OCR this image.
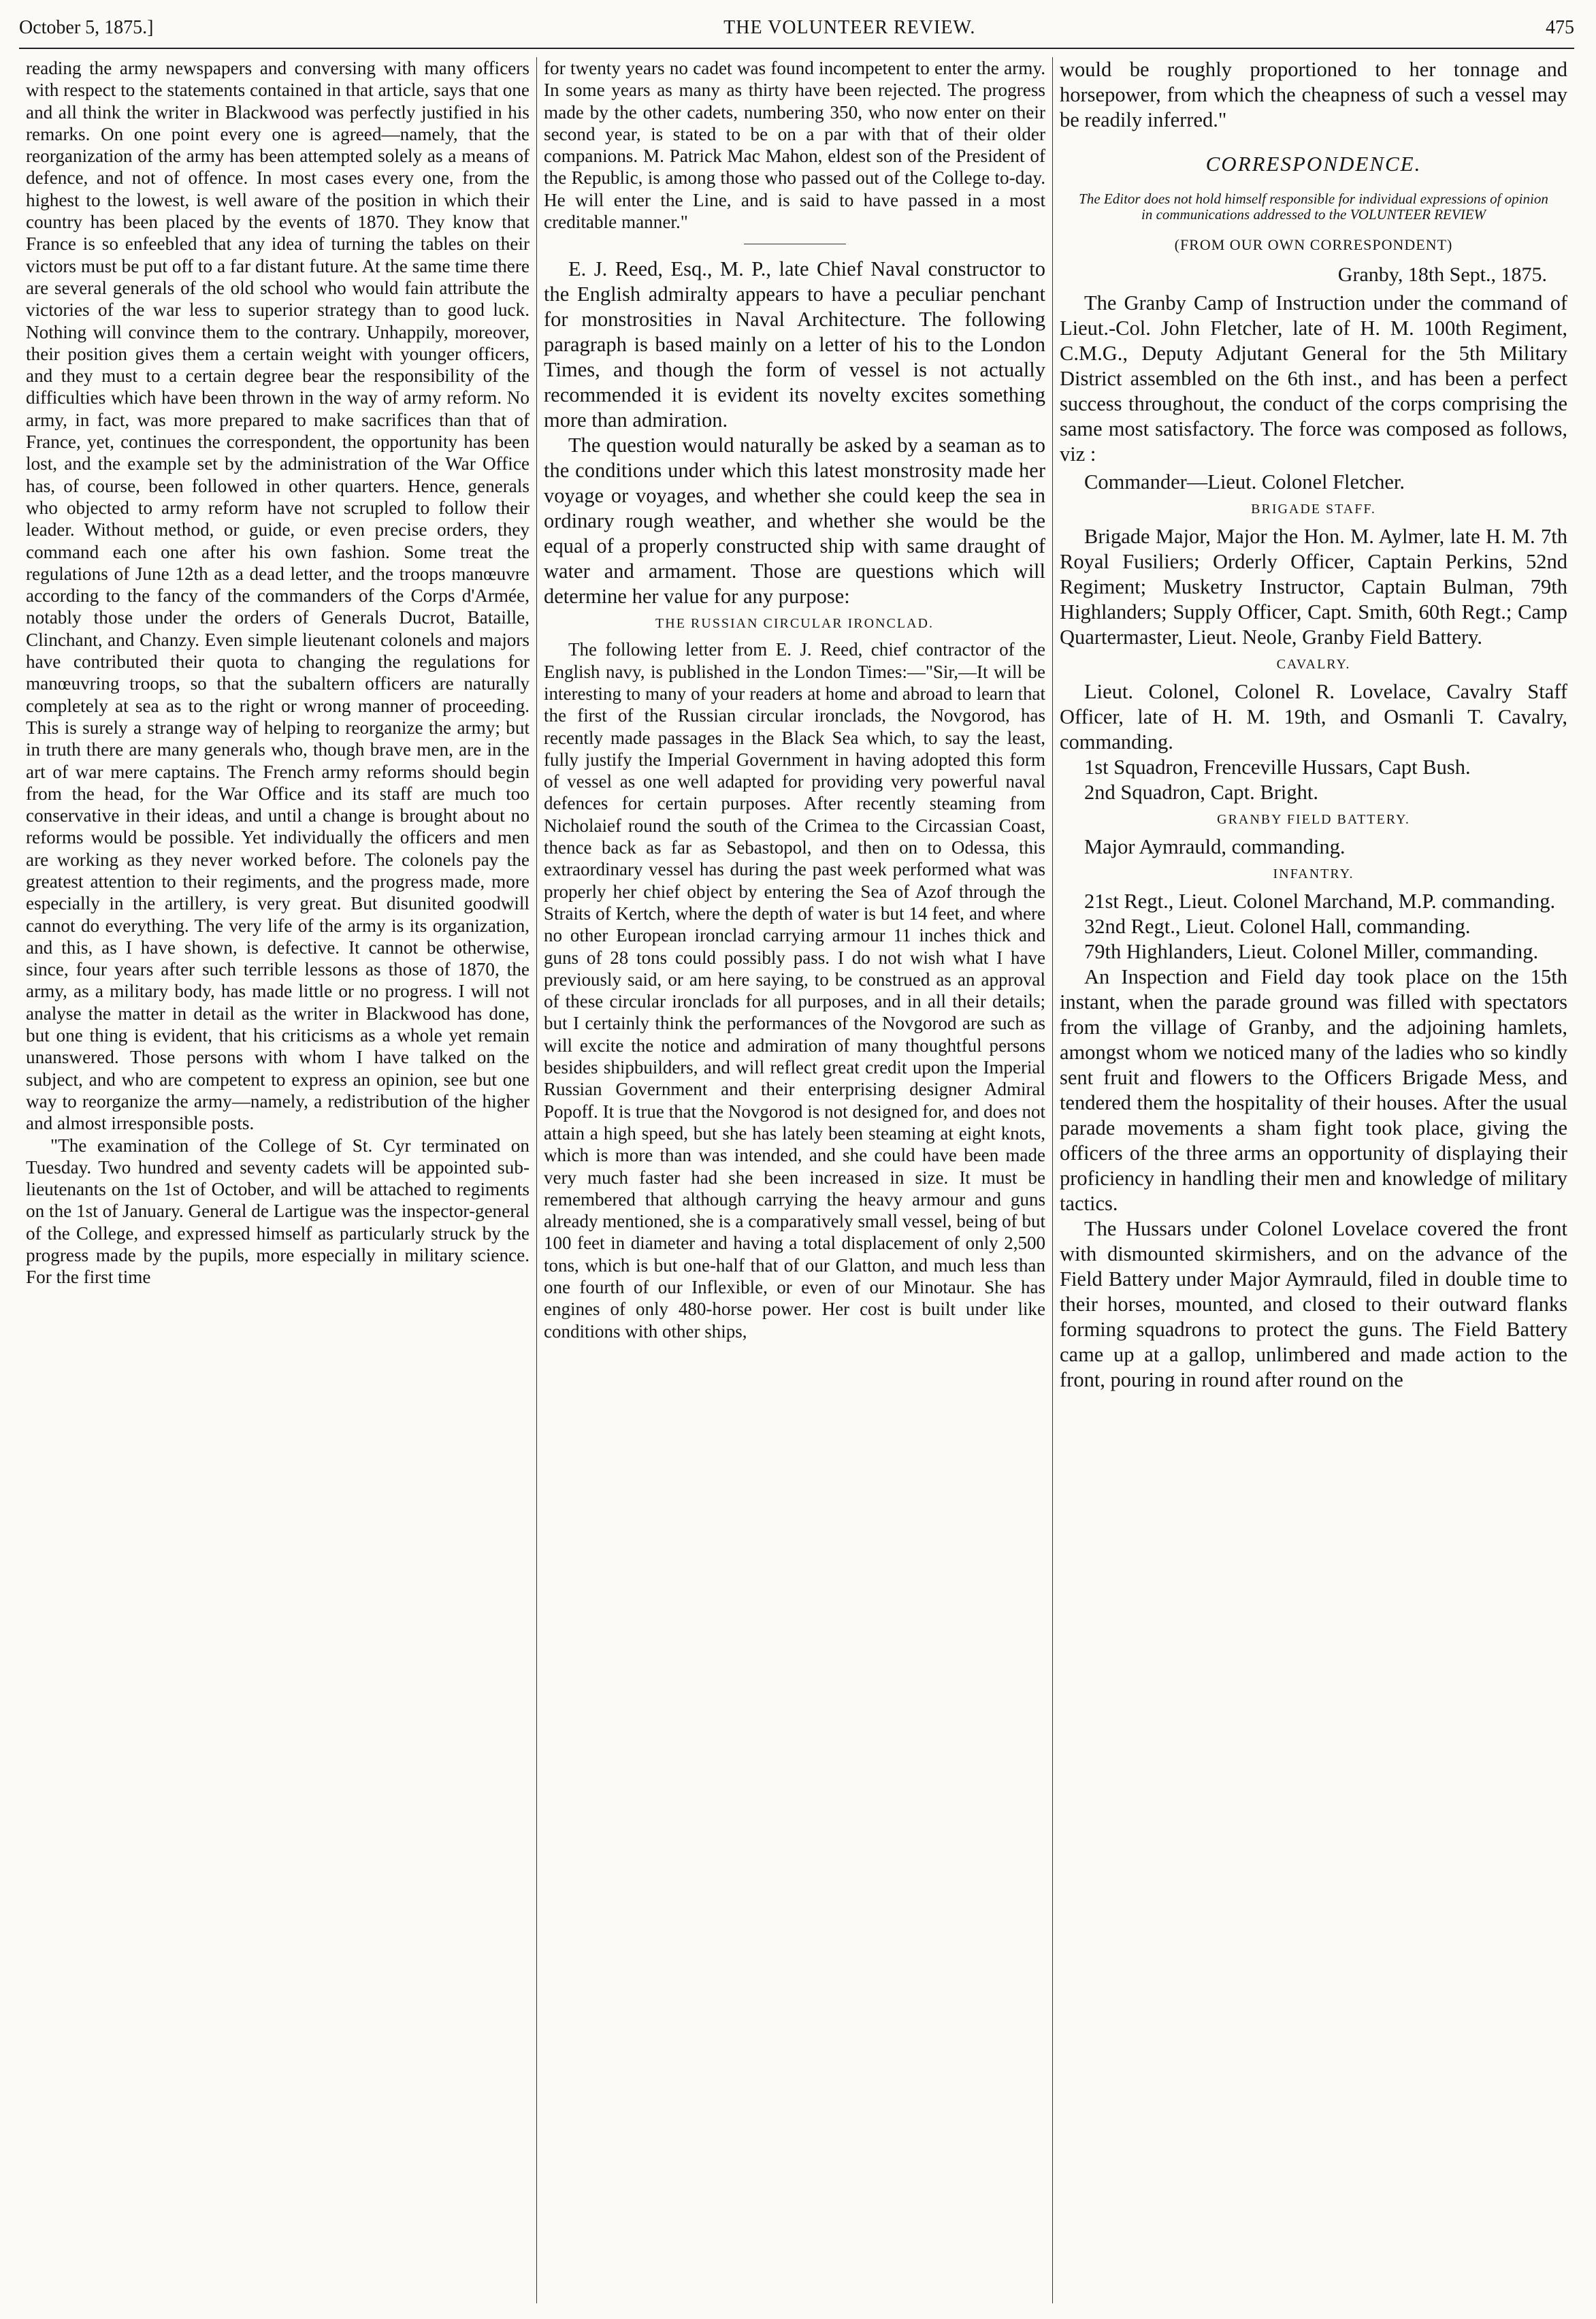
October 5, 1875.]	THE VOLUNTEER REVIEW.	475

reading the army newspapers and conversing with many officers with respect to the statements contained in that article, says that one and all think the writer in Blackwood was perfectly justified in his remarks. On one point every one is agreed—namely, that the reorganization of the army has been attempted solely as a means of defence, and not of offence. In most cases every one, from the highest to the lowest, is well aware of the position in which their country has been placed by the events of 1870. They know that France is so enfeebled that any idea of turning the tables on their victors must be put off to a far distant future. At the same time there are several generals of the old school who would fain attribute the victories of the war less to superior strategy than to good luck. Nothing will convince them to the contrary. Unhappily, moreover, their position gives them a certain weight with younger officers, and they must to a certain degree bear the responsibility of the difficulties which have been thrown in the way of army reform. No army, in fact, was more prepared to make sacrifices than that of France, yet, continues the correspondent, the opportunity has been lost, and the example set by the administration of the War Office has, of course, been followed in other quarters. Hence, generals who objected to army reform have not scrupled to follow their leader. Without method, or guide, or even precise orders, they command each one after his own fashion. Some treat the regulations of June 12th as a dead letter, and the troops manœuvre according to the fancy of the commanders of the Corps d'Armée, notably those under the orders of Generals Ducrot, Bataille, Clinchant, and Chanzy. Even simple lieutenant colonels and majors have contributed their quota to changing the regulations for manœuvring troops, so that the subaltern officers are naturally completely at sea as to the right or wrong manner of proceeding. This is surely a strange way of helping to reorganize the army; but in truth there are many generals who, though brave men, are in the art of war mere captains. The French army reforms should begin from the head, for the War Office and its staff are much too conservative in their ideas, and until a change is brought about no reforms would be possible. Yet individually the officers and men are working as they never worked before. The colonels pay the greatest attention to their regiments, and the progress made, more especially in the artillery, is very great. But disunited goodwill cannot do everything. The very life of the army is its organization, and this, as I have shown, is defective. It cannot be otherwise, since, four years after such terrible lessons as those of 1870, the army, as a military body, has made little or no progress. I will not analyse the matter in detail as the writer in Blackwood has done, but one thing is evident, that his criticisms as a whole yet remain unanswered. Those persons with whom I have talked on the subject, and who are competent to express an opinion, see but one way to reorganize the army—namely, a redistribution of the higher and almost irresponsible posts.

"The examination of the College of St. Cyr terminated on Tuesday. Two hundred and seventy cadets will be appointed sub-lieutenants on the 1st of October, and will be attached to regiments on the 1st of January. General de Lartigue was the inspector-general of the College, and expressed himself as particularly struck by the progress made by the pupils, more especially in military science. For the first time

for twenty years no cadet was found incompetent to enter the army. In some years as many as thirty have been rejected. The progress made by the other cadets, numbering 350, who now enter on their second year, is stated to be on a par with that of their older companions. M. Patrick Mac Mahon, eldest son of the President of the Republic, is among those who passed out of the College to-day. He will enter the Line, and is said to have passed in a most creditable manner."

E. J. Reed, Esq., M. P., late Chief Naval constructor to the English admiralty appears to have a peculiar penchant for monstrosities in Naval Architecture. The following paragraph is based mainly on a letter of his to the London Times, and though the form of vessel is not actually recommended it is evident its novelty excites something more than admiration.

The question would naturally be asked by a seaman as to the conditions under which this latest monstrosity made her voyage or voyages, and whether she could keep the sea in ordinary rough weather, and whether she would be the equal of a properly constructed ship with same draught of water and armament. Those are questions which will determine her value for any purpose:

THE RUSSIAN CIRCULAR IRONCLAD.

The following letter from E. J. Reed, chief contractor of the English navy, is published in the London Times:—"Sir,—It will be interesting to many of your readers at home and abroad to learn that the first of the Russian circular ironclads, the Novgorod, has recently made passages in the Black Sea which, to say the least, fully justify the Imperial Government in having adopted this form of vessel as one well adapted for providing very powerful naval defences for certain purposes. After recently steaming from Nicholaief round the south of the Crimea to the Circassian Coast, thence back as far as Sebastopol, and then on to Odessa, this extraordinary vessel has during the past week performed what was properly her chief object by entering the Sea of Azof through the Straits of Kertch, where the depth of water is but 14 feet, and where no other European ironclad carrying armour 11 inches thick and guns of 28 tons could possibly pass. I do not wish what I have previously said, or am here saying, to be construed as an approval of these circular ironclads for all purposes, and in all their details; but I certainly think the performances of the Novgorod are such as will excite the notice and admiration of many thoughtful persons besides shipbuilders, and will reflect great credit upon the Imperial Russian Government and their enterprising designer Admiral Popoff. It is true that the Novgorod is not designed for, and does not attain a high speed, but she has lately been steaming at eight knots, which is more than was intended, and she could have been made very much faster had she been increased in size. It must be remembered that although carrying the heavy armour and guns already mentioned, she is a comparatively small vessel, being of but 100 feet in diameter and having a total displacement of only 2,500 tons, which is but one-half that of our Glatton, and much less than one fourth of our Inflexible, or even of our Minotaur. She has engines of only 480-horse power. Her cost is built under like conditions with other ships,

would be roughly proportioned to her tonnage and horsepower, from which the cheapness of such a vessel may be readily inferred."

CORRESPONDENCE.
The Editor does not hold himself responsible for individual expressions of opinion in communications addressed to the VOLUNTEER REVIEW
(FROM OUR OWN CORRESPONDENT)
Granby, 18th Sept., 1875.

The Granby Camp of Instruction under the command of Lieut.-Col. John Fletcher, late of H. M. 100th Regiment, C.M.G., Deputy Adjutant General for the 5th Military District assembled on the 6th inst., and has been a perfect success throughout, the conduct of the corps comprising the same most satisfactory. The force was composed as follows, viz :

Commander—Lieut. Colonel Fletcher.

BRIGADE STAFF.

Brigade Major, Major the Hon. M. Aylmer, late H. M. 7th Royal Fusiliers; Orderly Officer, Captain Perkins, 52nd Regiment; Musketry Instructor, Captain Bulman, 79th Highlanders; Supply Officer, Capt. Smith, 60th Regt.; Camp Quartermaster, Lieut. Neole, Granby Field Battery.

CAVALRY.

Lieut. Colonel, Colonel R. Lovelace, Cavalry Staff Officer, late of H. M. 19th, and Osmanli T. Cavalry, commanding.

1st Squadron, Frenceville Hussars, Capt Bush.

2nd Squadron, Capt. Bright.

GRANBY FIELD BATTERY.

Major Aymrauld, commanding.

INFANTRY.

21st Regt., Lieut. Colonel Marchand, M.P. commanding.

32nd Regt., Lieut. Colonel Hall, commanding.

79th Highlanders, Lieut. Colonel Miller, commanding.

An Inspection and Field day took place on the 15th instant, when the parade ground was filled with spectators from the village of Granby, and the adjoining hamlets, amongst whom we noticed many of the ladies who so kindly sent fruit and flowers to the Officers Brigade Mess, and tendered them the hospitality of their houses. After the usual parade movements a sham fight took place, giving the officers of the three arms an opportunity of displaying their proficiency in handling their men and knowledge of military tactics.

The Hussars under Colonel Lovelace covered the front with dismounted skirmishers, and on the advance of the Field Battery under Major Aymrauld, filed in double time to their horses, mounted, and closed to their outward flanks forming squadrons to protect the guns. The Field Battery came up at a gallop, unlimbered and made action to the front, pouring in round after round on the
